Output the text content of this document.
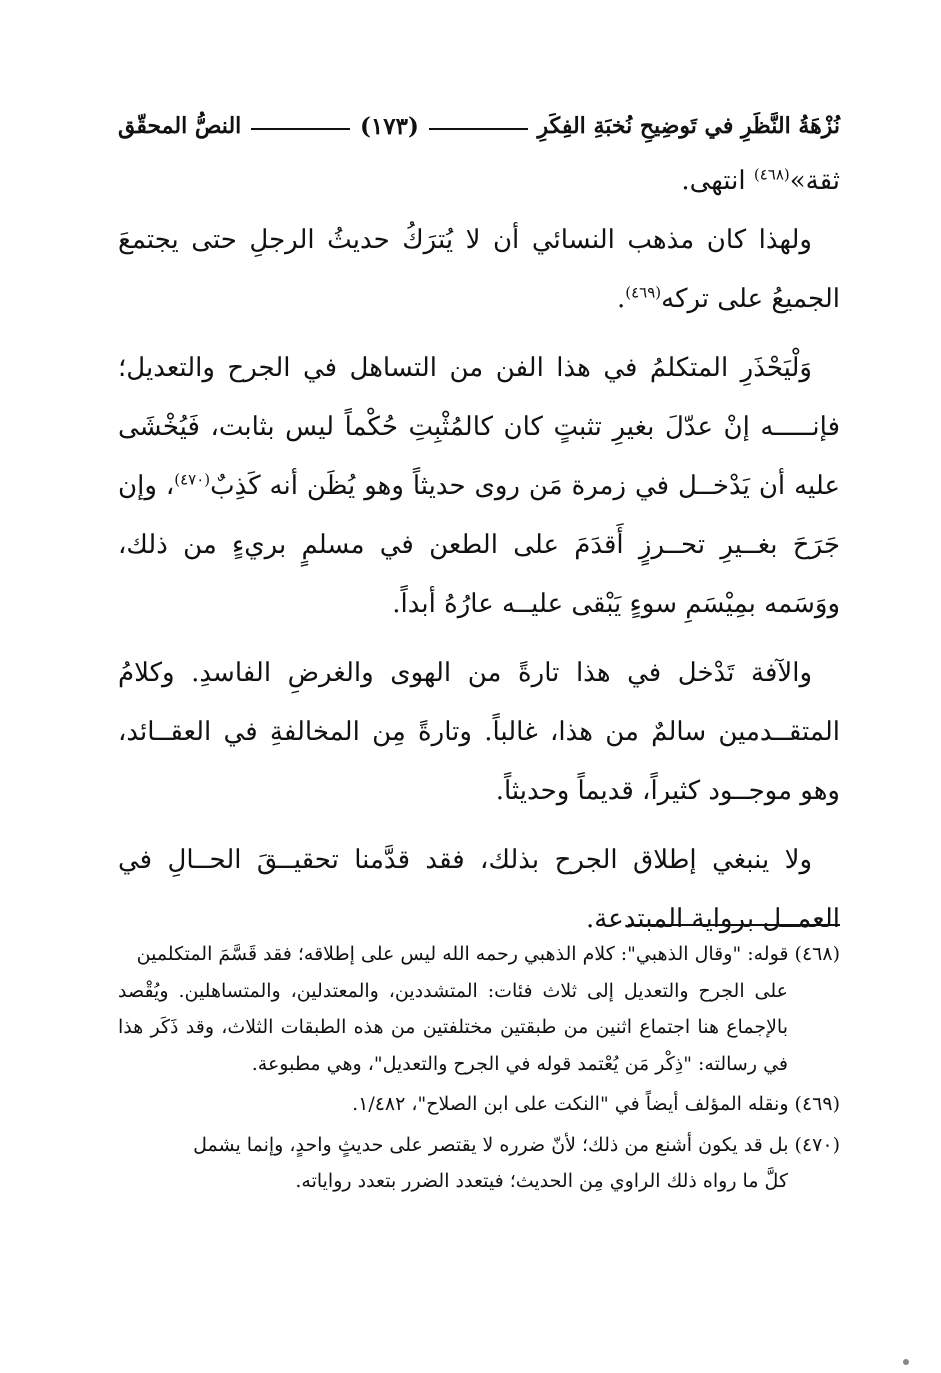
نُزْهَةُ النَّظَرِ في تَوضِيحِ نُخبَةِ الفِكَرِ
(١٧٣)
النصُّ المحقّق

ثقة»$^{(٤٦٨)}$ انتهى.

ولهذا كان مذهب النسائي أن لا يُترَكُ حديثُ الرجلِ حتى يجتمعَ الجميعُ على تركه$^{(٤٦٩)}$.

وَلْيَحْذَرِ المتكلمُ في هذا الفن من التساهل في الجرح والتعديل؛ فإنـــــه إنْ عدّلَ بغيرِ تثبتٍ كان كالمُثْبِتِ حُكْماً ليس بثابت، فَيُخْشَى عليه أن يَدْخــل في زمرة مَن روى حديثاً وهو يُظَن أنه كَذِبٌ$^{(٤٧٠)}$، وإن جَرَحَ بغــيرِ تحــرزٍ أَقدَمَ على الطعن في مسلمٍ بريءٍ من ذلك، ووَسَمه بمِيْسَمِ سوءٍ يَبْقى عليــه عارُهُ أبداً.

والآفة تَدْخل في هذا تارةً من الهوى والغرضِ الفاسدِ. وكلامُ المتقــدمين سالمٌ من هذا، غالباً. وتارةً مِن المخالفةِ في العقــائد، وهو موجــود كثيراً، قديماً وحديثاً.

ولا ينبغي إطلاق الجرح بذلك، فقد قدَّمنا تحقيــقَ الحــالِ في العمــل برواية المبتدعة.

(٤٦٨) قوله: "وقال الذهبي": كلام الذهبي رحمه الله ليس على إطلاقه؛ فقد قَسَّمَ المتكلمين

على الجرح والتعديل إلى ثلاث فئات: المتشددين، والمعتدلين، والمتساهلين. ويُقْصد بالإجماع هنا اجتماع اثنين من طبقتين مختلفتين من هذه الطبقات الثلاث، وقد ذَكَر هذا في رسالته: "ذِكْر مَن يُعْتمد قوله في الجرح والتعديل"، وهي مطبوعة.

(٤٦٩) ونقله المؤلف أيضاً في "النكت على ابن الصلاح"، ١/٤٨٢.

(٤٧٠) بل قد يكون أشنع من ذلك؛ لأنّ ضرره لا يقتصر على حديثٍ واحدٍ، وإنما يشمل

كلَّ ما رواه ذلك الراوي مِن الحديث؛ فيتعدد الضرر بتعدد رواياته.
